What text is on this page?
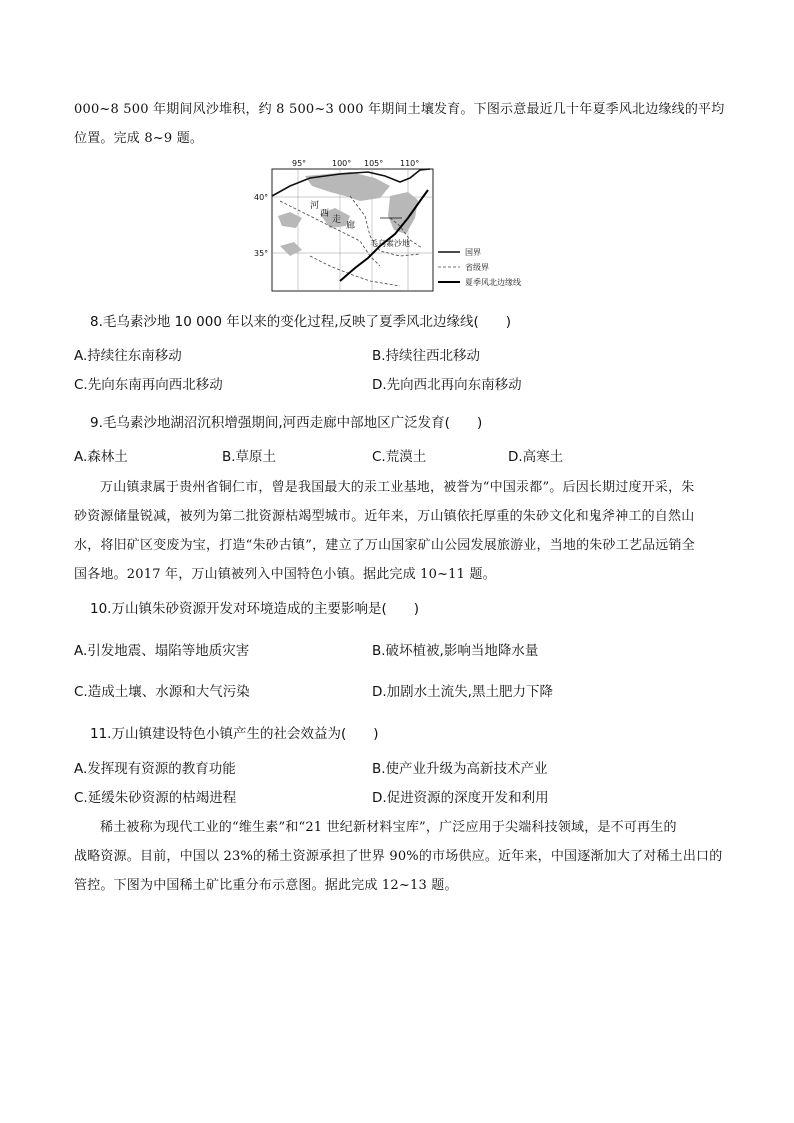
000~8 500 年期间风沙堆积，约 8 500~3 000 年期间土壤发育。下图示意最近几十年夏季风北边缘线的平均
位置。完成 8~9 题。
95°	100° 105° 110°
40°
35°
河
西
走
廊
毛乌素沙地
国界
省级界
夏季风北边缘线
8.毛乌素沙地 10 000 年以来的变化过程,反映了夏季风北边缘线(　　)
A.持续往东南移动	B.持续往西北移动
C.先向东南再向西北移动	D.先向西北再向东南移动
9.毛乌素沙地湖沼沉积增强期间,河西走廊中部地区广泛发育(　　)
A.森林土	B.草原土	C.荒漠土	D.高寒土
万山镇隶属于贵州省铜仁市，曾是我国最大的汞工业基地，被誉为“中国汞都”。后因长期过度开采，朱
砂资源储量锐减，被列为第二批资源枯竭型城市。近年来，万山镇依托厚重的朱砂文化和鬼斧神工的自然山
水，将旧矿区变废为宝，打造“朱砂古镇”，建立了万山国家矿山公园发展旅游业，当地的朱砂工艺品远销全
国各地。2017 年，万山镇被列入中国特色小镇。据此完成 10~11 题。
10.万山镇朱砂资源开发对环境造成的主要影响是(　　)
A.引发地震、塌陷等地质灾害	B.破坏植被,影响当地降水量
C.造成土壤、水源和大气污染	D.加剧水土流失,黑土肥力下降
11.万山镇建设特色小镇产生的社会效益为(　　)
A.发挥现有资源的教育功能	B.使产业升级为高新技术产业
C.延缓朱砂资源的枯竭进程	D.促进资源的深度开发和利用
稀土被称为现代工业的“维生素”和“21 世纪新材料宝库”，广泛应用于尖端科技领域，是不可再生的
战略资源。目前，中国以 23%的稀土资源承担了世界 90%的市场供应。近年来，中国逐渐加大了对稀土出口的
管控。下图为中国稀土矿比重分布示意图。据此完成 12~13 题。
